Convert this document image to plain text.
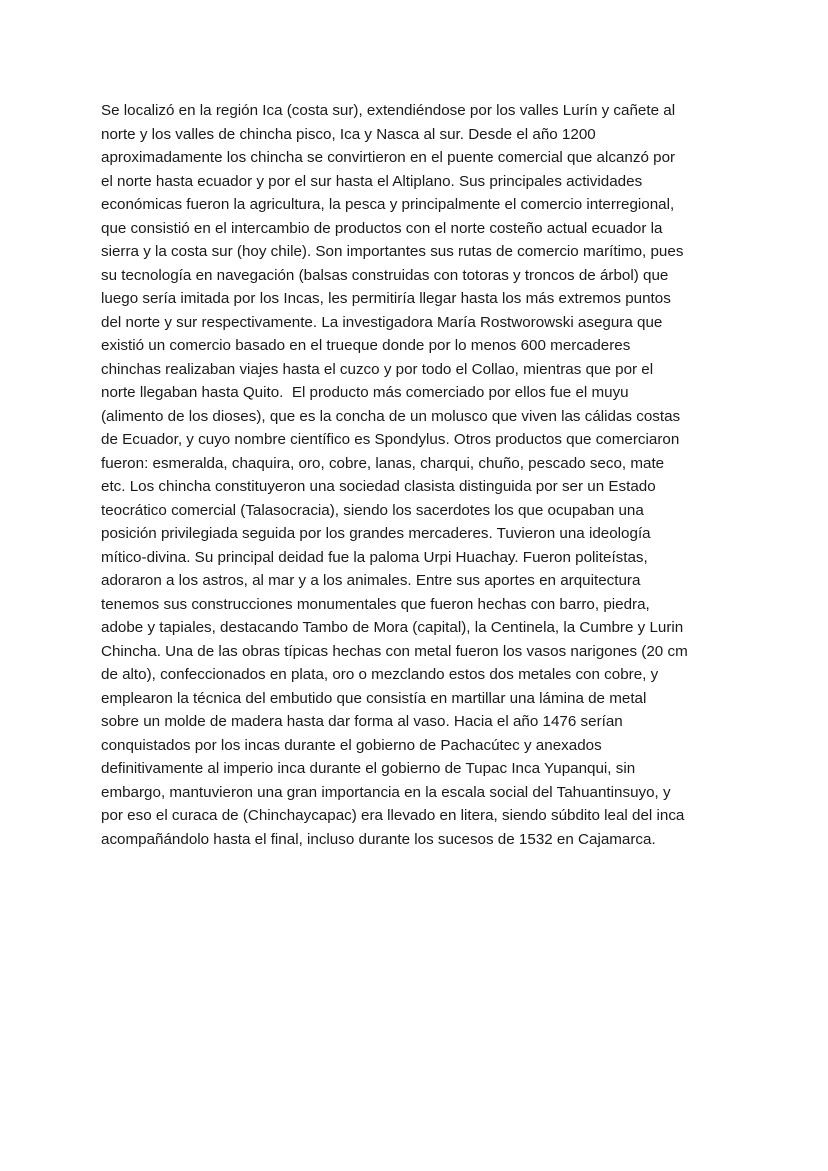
Se localizó en la región Ica (costa sur), extendiéndose por los valles Lurín y cañete al
norte y los valles de chincha pisco, Ica y Nasca al sur. Desde el año 1200
aproximadamente los chincha se convirtieron en el puente comercial que alcanzó por
el norte hasta ecuador y por el sur hasta el Altiplano. Sus principales actividades
económicas fueron la agricultura, la pesca y principalmente el comercio interregional,
que consistió en el intercambio de productos con el norte costeño actual ecuador la
sierra y la costa sur (hoy chile). Son importantes sus rutas de comercio marítimo, pues
su tecnología en navegación (balsas construidas con totoras y troncos de árbol) que
luego sería imitada por los Incas, les permitiría llegar hasta los más extremos puntos
del norte y sur respectivamente. La investigadora María Rostworowski asegura que
existió un comercio basado en el trueque donde por lo menos 600 mercaderes
chinchas realizaban viajes hasta el cuzco y por todo el Collao, mientras que por el
norte llegaban hasta Quito.  El producto más comerciado por ellos fue el muyu
(alimento de los dioses), que es la concha de un molusco que viven las cálidas costas
de Ecuador, y cuyo nombre científico es Spondylus. Otros productos que comerciaron
fueron: esmeralda, chaquira, oro, cobre, lanas, charqui, chuño, pescado seco, mate
etc. Los chincha constituyeron una sociedad clasista distinguida por ser un Estado
teocrático comercial (Talasocracia), siendo los sacerdotes los que ocupaban una
posición privilegiada seguida por los grandes mercaderes. Tuvieron una ideología
mítico-divina. Su principal deidad fue la paloma Urpi Huachay. Fueron politeístas,
adoraron a los astros, al mar y a los animales. Entre sus aportes en arquitectura
tenemos sus construcciones monumentales que fueron hechas con barro, piedra,
adobe y tapiales, destacando Tambo de Mora (capital), la Centinela, la Cumbre y Lurin
Chincha. Una de las obras típicas hechas con metal fueron los vasos narigones (20 cm
de alto), confeccionados en plata, oro o mezclando estos dos metales con cobre, y
emplearon la técnica del embutido que consistía en martillar una lámina de metal
sobre un molde de madera hasta dar forma al vaso. Hacia el año 1476 serían
conquistados por los incas durante el gobierno de Pachacútec y anexados
definitivamente al imperio inca durante el gobierno de Tupac Inca Yupanqui, sin
embargo, mantuvieron una gran importancia en la escala social del Tahuantinsuyo, y
por eso el curaca de (Chinchaycapac) era llevado en litera, siendo súbdito leal del inca
acompañándolo hasta el final, incluso durante los sucesos de 1532 en Cajamarca.
